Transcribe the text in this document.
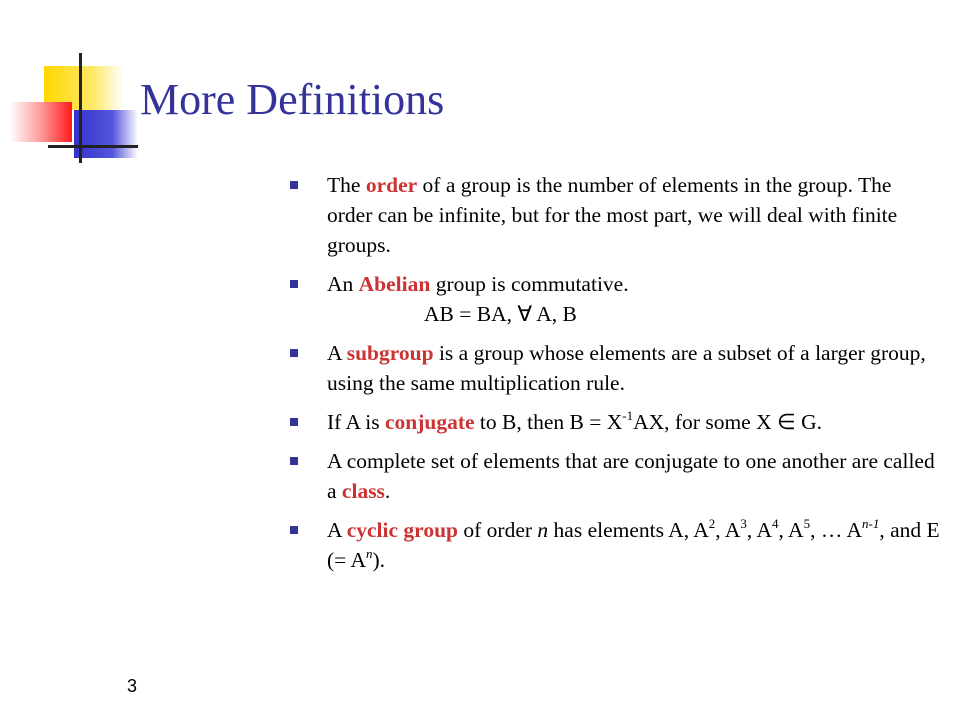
More Definitions
The order of a group is the number of elements in the group. The order can be infinite, but for the most part, we will deal with finite groups.
An Abelian group is commutative.
AB = BA, ∀ A, B
A subgroup is a group whose elements are a subset of a larger group, using the same multiplication rule.
If A is conjugate to B, then $B = X^{-1}AX$, for some X ∈ G.
A complete set of elements that are conjugate to one another are called a class.
A cyclic group of order n has elements A, $A^2$, $A^3$, $A^4$, $A^5$, … $A^{n-1}$, and E (= $A^n$).
3
